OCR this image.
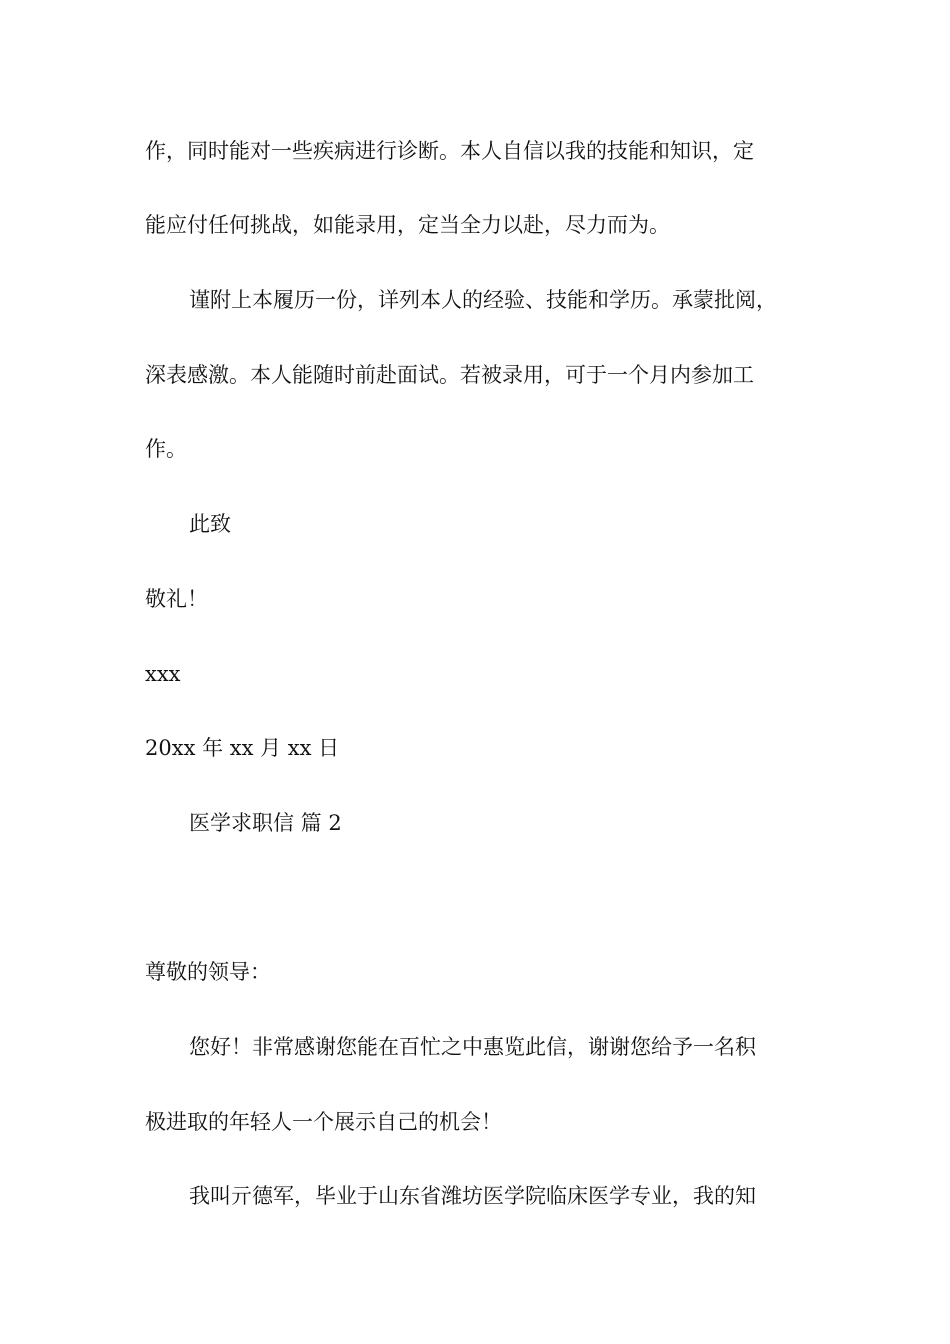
作，同时能对一些疾病进行诊断。本人自信以我的技能和知识，定
能应付任何挑战，如能录用，定当全力以赴，尽力而为。
谨附上本履历一份，详列本人的经验、技能和学历。承蒙批阅，
深表感激。本人能随时前赴面试。若被录用，可于一个月内参加工
作。
此致
敬礼！
xxx
20xx 年 xx 月 xx 日
医学求职信 篇 2
尊敬的领导：
您好！非常感谢您能在百忙之中惠览此信，谢谢您给予一名积
极进取的年轻人一个展示自己的机会！
我叫亓德军，毕业于山东省潍坊医学院临床医学专业，我的知
